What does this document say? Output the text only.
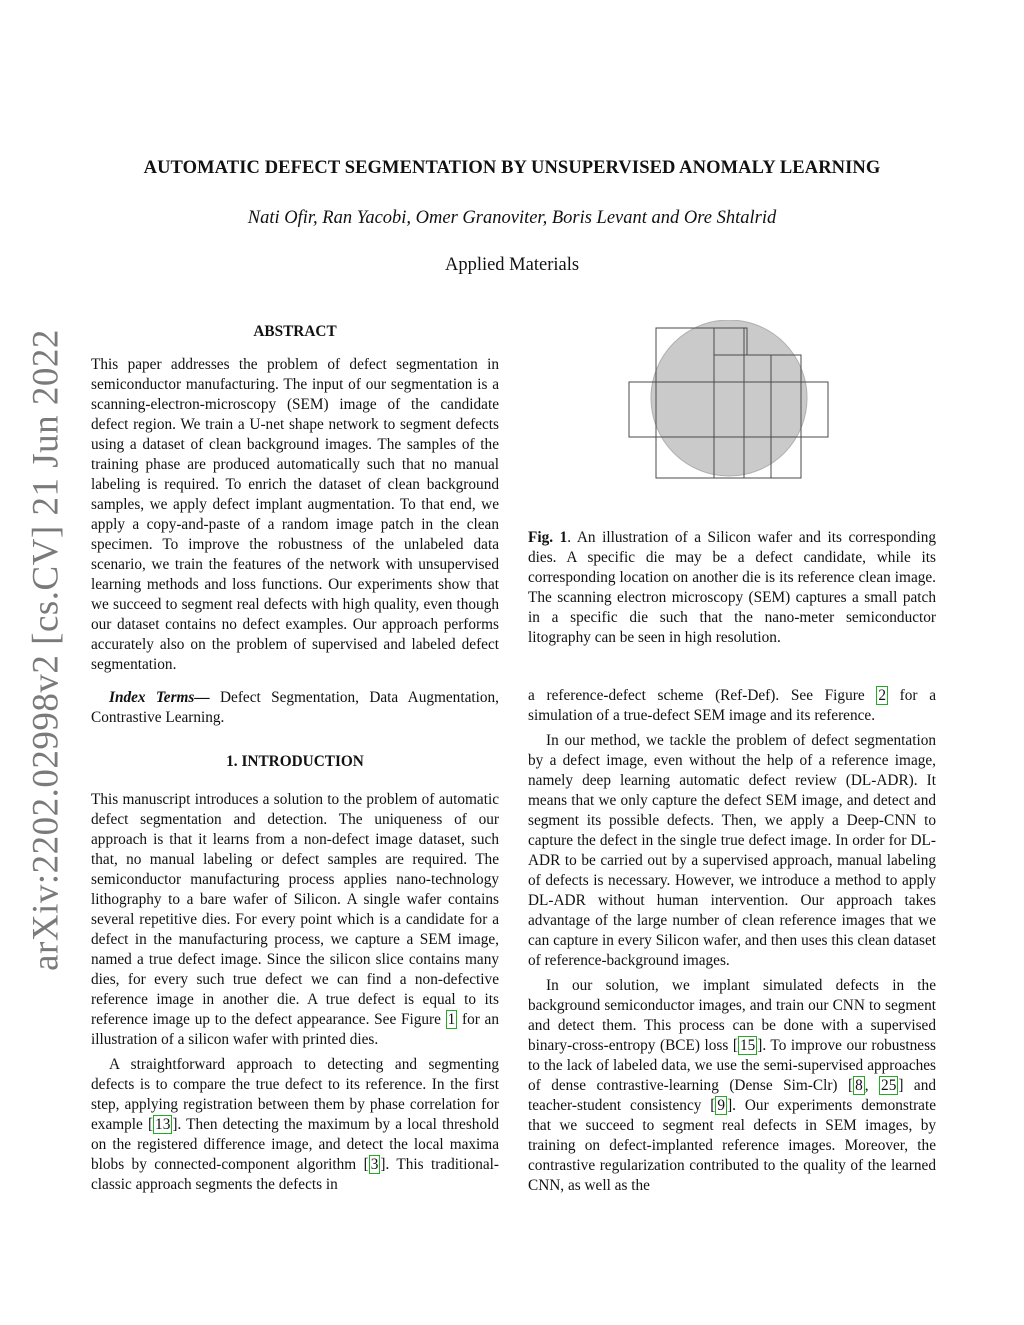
arXiv:2202.02998v2 [cs.CV] 21 Jun 2022
AUTOMATIC DEFECT SEGMENTATION BY UNSUPERVISED ANOMALY LEARNING
Nati Ofir, Ran Yacobi, Omer Granoviter, Boris Levant and Ore Shtalrid
Applied Materials
ABSTRACT

This paper addresses the problem of defect segmentation in semiconductor manufacturing. The input of our segmentation is a scanning-electron-microscopy (SEM) image of the candidate defect region. We train a U-net shape network to segment defects using a dataset of clean background images. The samples of the training phase are produced automatically such that no manual labeling is required. To enrich the dataset of clean background samples, we apply defect implant augmentation. To that end, we apply a copy-and-paste of a random image patch in the clean specimen. To improve the robustness of the unlabeled data scenario, we train the features of the network with unsupervised learning methods and loss functions. Our experiments show that we succeed to segment real defects with high quality, even though our dataset contains no defect examples. Our approach performs accurately also on the problem of supervised and labeled defect segmentation.

Index Terms— Defect Segmentation, Data Augmentation, Contrastive Learning.

1. INTRODUCTION

This manuscript introduces a solution to the problem of automatic defect segmentation and detection. The uniqueness of our approach is that it learns from a non-defect image dataset, such that, no manual labeling or defect samples are required. The semiconductor manufacturing process applies nano-technology lithography to a bare wafer of Silicon. A single wafer contains several repetitive dies. For every point which is a candidate for a defect in the manufacturing process, we capture a SEM image, named a true defect image. Since the silicon slice contains many dies, for every such true defect we can find a non-defective reference image in another die. A true defect is equal to its reference image up to the defect appearance. See Figure 1 for an illustration of a silicon wafer with printed dies.

A straightforward approach to detecting and segmenting defects is to compare the true defect to its reference. In the first step, applying registration between them by phase correlation for example [ 13 ]. Then detecting the maximum by a local threshold on the registered difference image, and detect the local maxima blobs by connected-component algorithm [ 3 ]. This traditional-classic approach segments the defects in

Fig. 1. An illustration of a Silicon wafer and its corresponding dies. A specific die may be a defect candidate, while its corresponding location on another die is its reference clean image. The scanning electron microscopy (SEM) captures a small patch in a specific die such that the nano-meter semiconductor litography can be seen in high resolution.

a reference-defect scheme (Ref-Def). See Figure 2 for a simulation of a true-defect SEM image and its reference.

In our method, we tackle the problem of defect segmentation by a defect image, even without the help of a reference image, namely deep learning automatic defect review (DL-ADR). It means that we only capture the defect SEM image, and detect and segment its possible defects. Then, we apply a Deep-CNN to capture the defect in the single true defect image. In order for DL-ADR to be carried out by a supervised approach, manual labeling of defects is necessary. However, we introduce a method to apply DL-ADR without human intervention. Our approach takes advantage of the large number of clean reference images that we can capture in every Silicon wafer, and then uses this clean dataset of reference-background images.

In our solution, we implant simulated defects in the background semiconductor images, and train our CNN to segment and detect them. This process can be done with a supervised binary-cross-entropy (BCE) loss [ 15 ]. To improve our robustness to the lack of labeled data, we use the semi-supervised approaches of dense contrastive-learning (Dense Sim-Clr) [ 8 , 25 ] and teacher-student consistency [ 9 ]. Our experiments demonstrate that we succeed to segment real defects in SEM images, by training on defect-implanted reference images. Moreover, the contrastive regularization contributed to the quality of the learned CNN, as well as the
